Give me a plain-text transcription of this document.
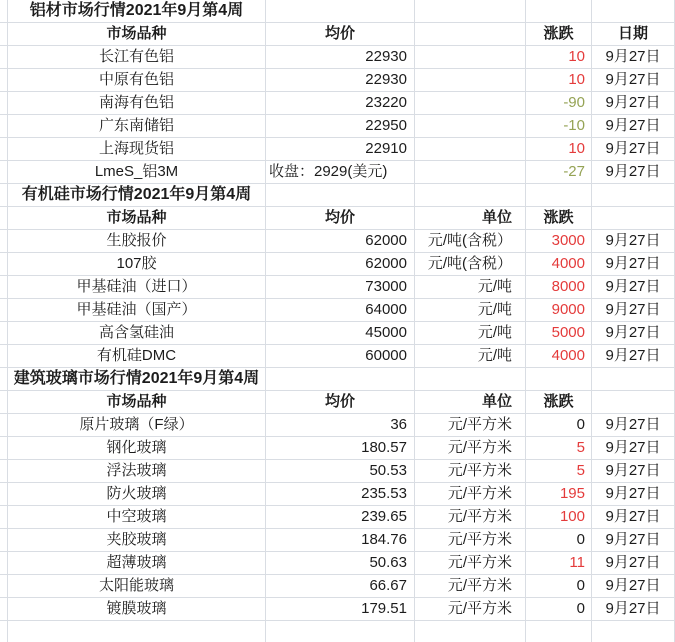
铝材市场行情2021年9月第4周
市场品种	均价	涨跌	日期
长江有色铝	22930	10	9月27日
中原有色铝	22930	10	9月27日
南海有色铝	23220	-90	9月27日
广东南储铝	22950	-10	9月27日
上海现货铝	22910	10	9月27日
LmeS_铝3M	收盘：2929(美元)	-27	9月27日
有机硅市场行情2021年9月第4周
市场品种	均价	单位	涨跌
生胶报价	62000	元/吨(含税）	3000	9月27日
107胶	62000	元/吨(含税）	4000	9月27日
甲基硅油（进口）	73000	元/吨	8000	9月27日
甲基硅油（国产）	64000	元/吨	9000	9月27日
高含氢硅油	45000	元/吨	5000	9月27日
有机硅DMC	60000	元/吨	4000	9月27日
建筑玻璃市场行情2021年9月第4周
市场品种	均价	单位	涨跌
原片玻璃（F绿）	36	元/平方米	0	9月27日
钢化玻璃	180.57	元/平方米	5	9月27日
浮法玻璃	50.53	元/平方米	5	9月27日
防火玻璃	235.53	元/平方米	195	9月27日
中空玻璃	239.65	元/平方米	100	9月27日
夹胶玻璃	184.76	元/平方米	0	9月27日
超薄玻璃	50.63	元/平方米	11	9月27日
太阳能玻璃	66.67	元/平方米	0	9月27日
镀膜玻璃	179.51	元/平方米	0	9月27日
